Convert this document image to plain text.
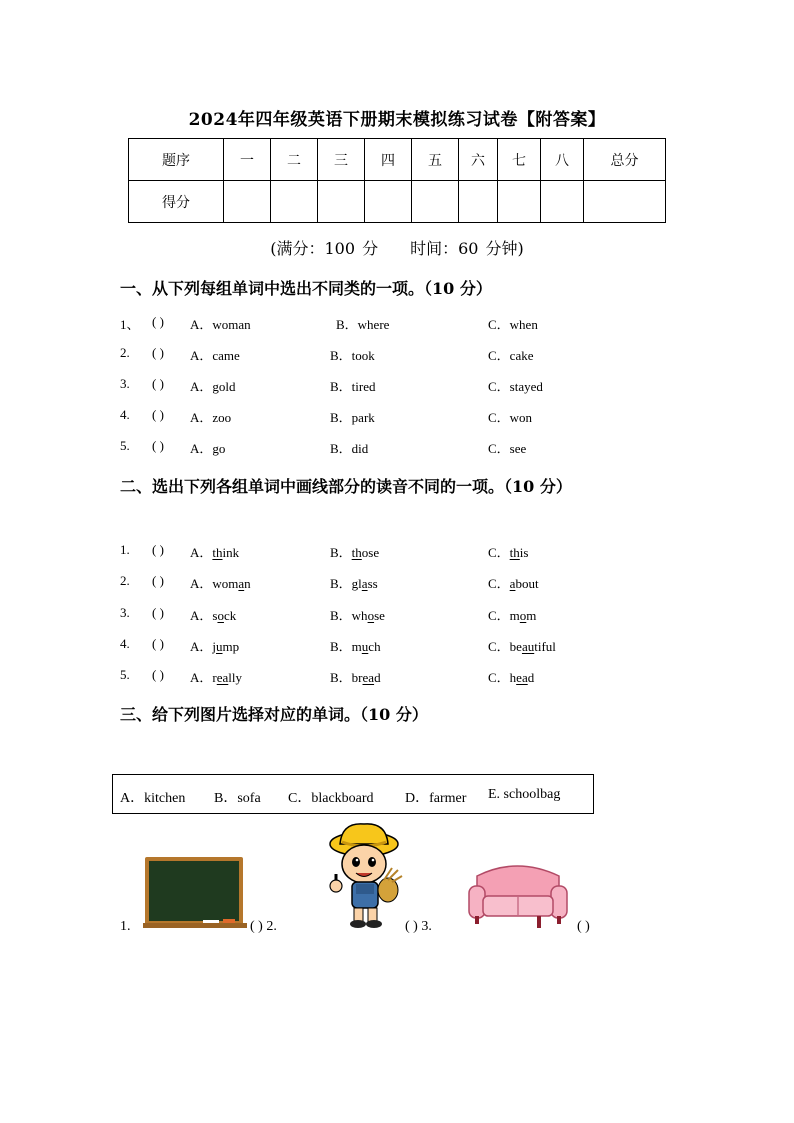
2024年四年级英语下册期末模拟练习试卷【附答案】
题序	一	二	三	四	五	六	七	八	总分
得分									
(满分：100 分　　时间：60 分钟)
一、从下列每组单词中选出不同类的一项。（10 分）
1、 ( ) A．woman	B．where	C．when
2. ( ) A．came	B．took	C．cake
3. ( ) A．gold	B．tired	C．stayed
4. ( ) A．zoo	B．park	C．won
5. ( ) A．go	B．did	C．see
二、选出下列各组单词中画线部分的读音不同的一项。（10 分）
1. ( ) A．think	B．those	C．this
2. ( ) A．woman	B．glass	C．about
3. ( ) A．sock	B．whose	C．mom
4. ( ) A．jump	B．much	C．beautiful
5. ( ) A．really	B．bread	C．head
三、给下列图片选择对应的单词。（10 分）
A．kitchen B．sofa C．blackboard D．farmer E. schoolbag
1.	( ) 2.	( ) 3.	( )
